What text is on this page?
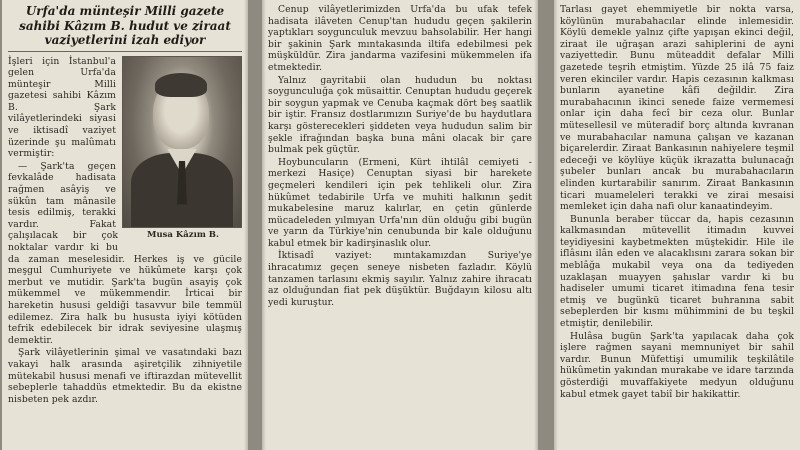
Urfa'da münteşir Milli gazete sahibi Kâzım B. hudut ve ziraat vaziyetlerini izah ediyor
Musa Kâzım B.

İşleri için İstanbul'a gelen Urfa'da münteşir Milli gazetesi sahibi Kâzım B. Şark vilâyetlerindeki siyasi ve iktisadî vaziyet üzerinde şu malûmatı vermiştir:

— Şark'ta geçen fevkalâde hadisata rağmen asâyiş ve sükûn tam mânasile tesis edilmiş, terakki vardır. Fakat çalışılacak bir çok noktalar vardır ki bu da zaman meselesidir. Herkes iş ve gücile meşgul Cumhuriyete ve hükûmete karşı çok merbut ve mutidir. Şark'ta bugün asayiş çok mükemmel ve mükemmendir. İrticai bir hareketin hususi geldiği tasavvur bile temmül edilemez. Zira halk bu hususta iyiyi kötüden tefrik edebilecek bir idrak seviyesine ulaşmış demektir.

Şark vilâyetlerinin şimal ve vasatındaki bazı vakayi halk arasında aşiretçilik zihniyetile mütekabil hususi menafi ve iftirazdan mütevellit sebeplerle tahaddüs etmektedir. Bu da ekistne nisbeten pek azdır.

Cenup vilâyetlerimizden Urfa'da bu ufak tefek hadisata ilâveten Cenup'tan hududu geçen şakilerin yaptıkları soygunculuk mevzuu bahsolabilir. Her hangi bir şakinin Şark mıntakasında iltifa edebilmesi pek müşküldür. Zira jandarma vazifesini mükemmelen ifa etmektedir.

Yalnız gayritabii olan hududun bu noktası soygunculuğa çok müsaittir. Cenuptan hududu geçerek bir soygun yapmak ve Cenuba kaçmak dört beş saatlik bir iştir. Fransız dostlarımızın Suriye'de bu haydutlara karşı gösterecekleri şiddeten veya hududun salim bir şekle ifrağından başka buna mâni olacak bir çare bulmak pek güçtür.

Hoybuncuların (Ermeni, Kürt ihtilâl cemiyeti - merkezi Hasiçe) Cenuptan siyasi bir harekete geçmeleri kendileri için pek tehlikeli olur. Zira hükûmet tedabirile Urfa ve muhiti halkının şedit mukabelesine maruz kalırlar, en çetin günlerde mücadeleden yılmıyan Urfa'nın dün olduğu gibi bugün ve yarın da Türkiye'nin cenubunda bir kale olduğunu kabul etmek bir kadirşinaslık olur.

İktisadî vaziyet: mıntakamızdan Suriye'ye ihracatımız geçen seneye nisbeten fazladır. Köylü tanzamen tarlasını ekmiş sayılır. Yalnız zahire ihracatı az olduğundan fiat pek düşüktür. Buğdayın kilosu altı yedi kuruştur.

Tarlası gayet ehemmiyetle bir nokta varsa, köylünün murabahacılar elinde inlemesidir. Köylü demekle yalnız çifte yapışan ekinci değil, ziraat ile uğraşan arazi sahiplerini de ayni vaziyettedir. Bunu müteaddit defalar Milli gazetede teşrih etmiştim. Yüzde 25 ilâ 75 faiz veren ekinciler vardır. Hapis cezasının kalkması bunların ayanetine kâfi değildir. Zira murabahacının ikinci senede faize vermemesi onlar için daha fecî bir ceza olur. Bunlar mütesellesil ve müteradif borç altında kıvranan ve murabahacılar namuna çalışan ve kazanan biçarelerdir. Ziraat Bankasının nahiyelere teşmil edeceği ve köylüye küçük ikrazatta bulunacağı şubeler bunları ancak bu murabahacıların elinden kurtarabilir sanırım. Ziraat Bankasının ticari muameleleri terakki ve zirai mesaisi memleket için daha nafi olur kanaatindeyim.

Bununla beraber tüccar da, hapis cezasının kalkmasından mütevellit itimadın kuvvei teyidiyesini kaybetmekten müştekidir. Hile ile iflâsını ilân eden ve alacaklısını zarara sokan bir meblâğa mukabil veya ona da tediyeden uzaklaşan muayyen şahıslar vardır ki bu hadiseler umumi ticaret itimadına fena tesir etmiş ve bugünkü ticaret buhranına sabit sebeplerden bir kısmı mühimmini de bu teşkil etmiştir, denilebilir.

Hulâsa bugün Şark'ta yapılacak daha çok işlere rağmen sayani memnuniyet bir sahil vardır. Bunun Müfettişi umumilik teşkilâtile hükûmetin yakından murakabe ve idare tarzında gösterdiği muvaffakiyete medyun olduğunu kabul etmek gayet tabiî bir hakikattir.
